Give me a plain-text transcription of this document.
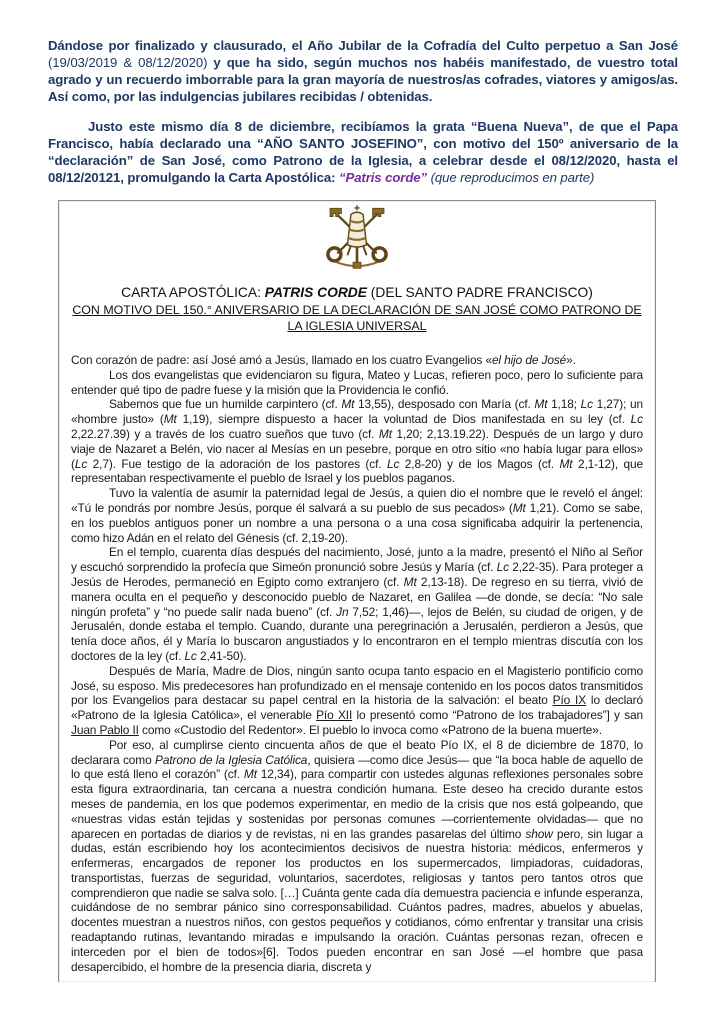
Dándose por finalizado y clausurado, el Año Jubilar de la Cofradía del Culto perpetuo a San José (19/03/2019 & 08/12/2020) y que ha sido, según muchos nos habéis manifestado, de vuestro total agrado y un recuerdo imborrable para la gran mayoría de nuestros/as cofrades, viatores y amigos/as. Así como, por las indulgencias jubilares recibidas / obtenidas.

Justo este mismo día 8 de diciembre, recibíamos la grata “Buena Nueva”, de que el Papa Francisco, había declarado una “AÑO SANTO JOSEFINO”, con motivo del 150º aniversario de la “declaración” de San José, como Patrono de la Iglesia, a celebrar desde el 08/12/2020, hasta el 08/12/20121, promulgando la Carta Apostólica: “Patris corde” (que reproducimos en parte)

CARTA APOSTÓLICA: PATRIS CORDE (DEL SANTO PADRE FRANCISCO)
CON MOTIVO DEL 150.° ANIVERSARIO DE LA DECLARACIÓN DE SAN JOSÉ COMO PATRONO DE LA IGLESIA UNIVERSAL

Con corazón de padre: así José amó a Jesús, llamado en los cuatro Evangelios «el hijo de José».

Los dos evangelistas que evidenciaron su figura, Mateo y Lucas, refieren poco, pero lo suficiente para entender qué tipo de padre fuese y la misión que la Providencia le confió.

Sabemos que fue un humilde carpintero (cf. Mt 13,55), desposado con María (cf. Mt 1,18; Lc 1,27); un «hombre justo» (Mt 1,19), siempre dispuesto a hacer la voluntad de Dios manifestada en su ley (cf. Lc 2,22.27.39) y a través de los cuatro sueños que tuvo (cf. Mt 1,20; 2,13.19.22). Después de un largo y duro viaje de Nazaret a Belén, vio nacer al Mesías en un pesebre, porque en otro sitio «no había lugar para ellos» (Lc 2,7). Fue testigo de la adoración de los pastores (cf. Lc 2,8-20) y de los Magos (cf. Mt 2,1-12), que representaban respectivamente el pueblo de Israel y los pueblos paganos.

Tuvo la valentía de asumir la paternidad legal de Jesús, a quien dio el nombre que le reveló el ángel: «Tú le pondrás por nombre Jesús, porque él salvará a su pueblo de sus pecados» (Mt 1,21). Como se sabe, en los pueblos antiguos poner un nombre a una persona o a una cosa significaba adquirir la pertenencia, como hizo Adán en el relato del Génesis (cf. 2,19-20).

En el templo, cuarenta días después del nacimiento, José, junto a la madre, presentó el Niño al Señor y escuchó sorprendido la profecía que Simeón pronunció sobre Jesús y María (cf. Lc 2,22-35). Para proteger a Jesús de Herodes, permaneció en Egipto como extranjero (cf. Mt 2,13-18). De regreso en su tierra, vivió de manera oculta en el pequeño y desconocido pueblo de Nazaret, en Galilea —de donde, se decía: “No sale ningún profeta” y “no puede salir nada bueno” (cf. Jn 7,52; 1,46)—, lejos de Belén, su ciudad de origen, y de Jerusalén, donde estaba el templo. Cuando, durante una peregrinación a Jerusalén, perdieron a Jesús, que tenía doce años, él y María lo buscaron angustiados y lo encontraron en el templo mientras discutía con los doctores de la ley (cf. Lc 2,41-50).

Después de María, Madre de Dios, ningún santo ocupa tanto espacio en el Magisterio pontificio como José, su esposo. Mis predecesores han profundizado en el mensaje contenido en los pocos datos transmitidos por los Evangelios para destacar su papel central en la historia de la salvación: el beato Pío IX lo declaró «Patrono de la Iglesia Católica», el venerable Pío XII lo presentó como “Patrono de los trabajadores”] y san Juan Pablo II como «Custodio del Redentor». El pueblo lo invoca como «Patrono de la buena muerte».

Por eso, al cumplirse ciento cincuenta años de que el beato Pío IX, el 8 de diciembre de 1870, lo declarara como Patrono de la Iglesia Católica, quisiera —como dice Jesús— que “la boca hable de aquello de lo que está lleno el corazón” (cf. Mt 12,34), para compartir con ustedes algunas reflexiones personales sobre esta figura extraordinaria, tan cercana a nuestra condición humana. Este deseo ha crecido durante estos meses de pandemia, en los que podemos experimentar, en medio de la crisis que nos está golpeando, que «nuestras vidas están tejidas y sostenidas por personas comunes —corrientemente olvidadas— que no aparecen en portadas de diarios y de revistas, ni en las grandes pasarelas del último show pero, sin lugar a dudas, están escribiendo hoy los acontecimientos decisivos de nuestra historia: médicos, enfermeros y enfermeras, encargados de reponer los productos en los supermercados, limpiadoras, cuidadoras, transportistas, fuerzas de seguridad, voluntarios, sacerdotes, religiosas y tantos pero tantos otros que comprendieron que nadie se salva solo. […] Cuánta gente cada día demuestra paciencia e infunde esperanza, cuidándose de no sembrar pánico sino corresponsabilidad. Cuántos padres, madres, abuelos y abuelas, docentes muestran a nuestros niños, con gestos pequeños y cotidianos, cómo enfrentar y transitar una crisis readaptando rutinas, levantando miradas e impulsando la oración. Cuántas personas rezan, ofrecen e interceden por el bien de todos»[6]. Todos pueden encontrar en san José —el hombre que pasa desapercibido, el hombre de la presencia diaria, discreta y
